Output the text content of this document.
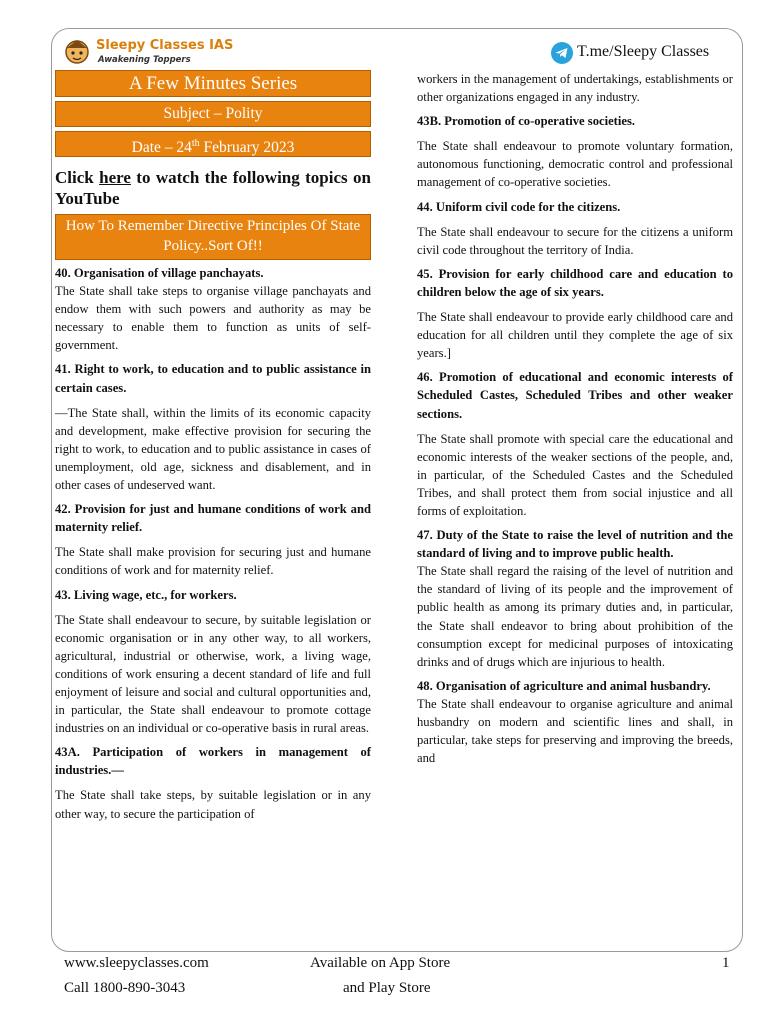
Sleepy Classes IAS
Awakening Toppers	T.me/Sleepy Classes
A Few Minutes Series
Subject – Polity
Date – 24th February 2023
Click here to watch the following topics on YouTube
How To Remember Directive Principles Of State Policy..Sort Of!!

40. Organisation of village panchayats.

The State shall take steps to organise village panchayats and endow them with such powers and authority as may be necessary to enable them to function as units of self-government.

41. Right to work, to education and to public assistance in certain cases.

—The State shall, within the limits of its economic capacity and development, make effective provision for securing the right to work, to education and to public assistance in cases of unemployment, old age, sickness and disablement, and in other cases of undeserved want.

42. Provision for just and humane conditions of work and maternity relief.

The State shall make provision for securing just and humane conditions of work and for maternity relief.

43. Living wage, etc., for workers.

The State shall endeavour to secure, by suitable legislation or economic organisation or in any other way, to all workers, agricultural, industrial or otherwise, work, a living wage, conditions of work ensuring a decent standard of life and full enjoyment of leisure and social and cultural opportunities and, in particular, the State shall endeavour to promote cottage industries on an individual or co-operative basis in rural areas.

43A. Participation of workers in management of industries.—

The State shall take steps, by suitable legislation or in any other way, to secure the participation of

workers in the management of undertakings, establishments or other organizations engaged in any industry.

43B. Promotion of co-operative societies.

The State shall endeavour to promote voluntary formation, autonomous functioning, democratic control and professional management of co-operative societies.

44. Uniform civil code for the citizens.

The State shall endeavour to secure for the citizens a uniform civil code throughout the territory of India.

45. Provision for early childhood care and education to children below the age of six years.

The State shall endeavour to provide early childhood care and education for all children until they complete the age of six years.]

46. Promotion of educational and economic interests of Scheduled Castes, Scheduled Tribes and other weaker sections.

The State shall promote with special care the educational and economic interests of the weaker sections of the people, and, in particular, of the Scheduled Castes and the Scheduled Tribes, and shall protect them from social injustice and all forms of exploitation.

47. Duty of the State to raise the level of nutrition and the standard of living and to improve public health.

The State shall regard the raising of the level of nutrition and the standard of living of its people and the improvement of public health as among its primary duties and, in particular, the State shall endeavor to bring about prohibition of the consumption except for medicinal purposes of intoxicating drinks and of drugs which are injurious to health.

48. Organisation of agriculture and animal husbandry.

The State shall endeavour to organise agriculture and animal husbandry on modern and scientific lines and shall, in particular, take steps for preserving and improving the breeds, and

www.sleepyclasses.com
Call 1800-890-3043
Available on App Store
and Play Store
1
